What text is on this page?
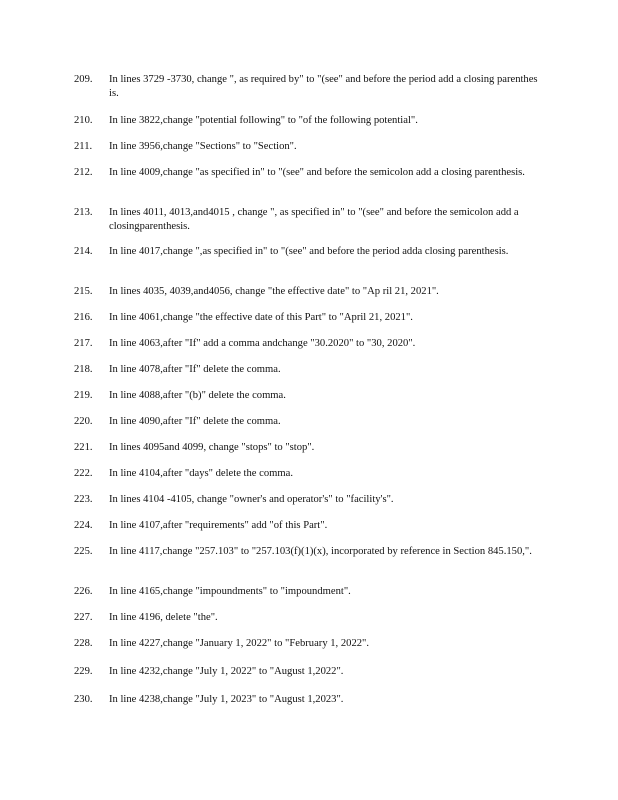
209.	In lines 3729 -3730, change ", as required by" to "(see" and before the period add a closing parenthes is.
210.	In line 3822,change "potential following" to "of the following potential".
211.	In line 3956,change "Sections" to "Section".
212.	In line 4009,change "as specified in" to "(see" and before the semicolon add a closing parenthesis.
213.	In lines 4011, 4013,and4015 , change ", as specified in" to "(see" and before the semicolon add a closingparenthesis.
214.	In line 4017,change ",as specified in" to "(see" and before the period adda closing parenthesis.
215.	In lines 4035, 4039,and4056, change "the effective date" to "Ap ril 21, 2021".
216.	In line 4061,change "the effective date of this Part" to "April 21, 2021".
217.	In line 4063,after "If" add a comma andchange "30.2020" to "30, 2020".
218.	In line 4078,after "If" delete the comma.
219.	In line 4088,after "(b)" delete the comma.
220.	In line 4090,after "If" delete the comma.
221.	In lines 4095and 4099, change "stops" to "stop".
222.	In line 4104,after "days" delete the comma.
223.	In lines 4104 -4105, change "owner's and operator's" to "facility's".
224.	In line 4107,after "requirements" add "of this Part".
225.	In line 4117,change "257.103" to "257.103(f)(1)(x), incorporated by reference in Section 845.150,".
226.	In line 4165,change "impoundments" to "impoundment".
227.	In line 4196, delete "the".
228.	In line 4227,change "January 1, 2022" to "February 1, 2022".
229.	In line 4232,change "July 1, 2022" to "August 1,2022".
230.	In line 4238,change "July 1, 2023" to "August 1,2023".
